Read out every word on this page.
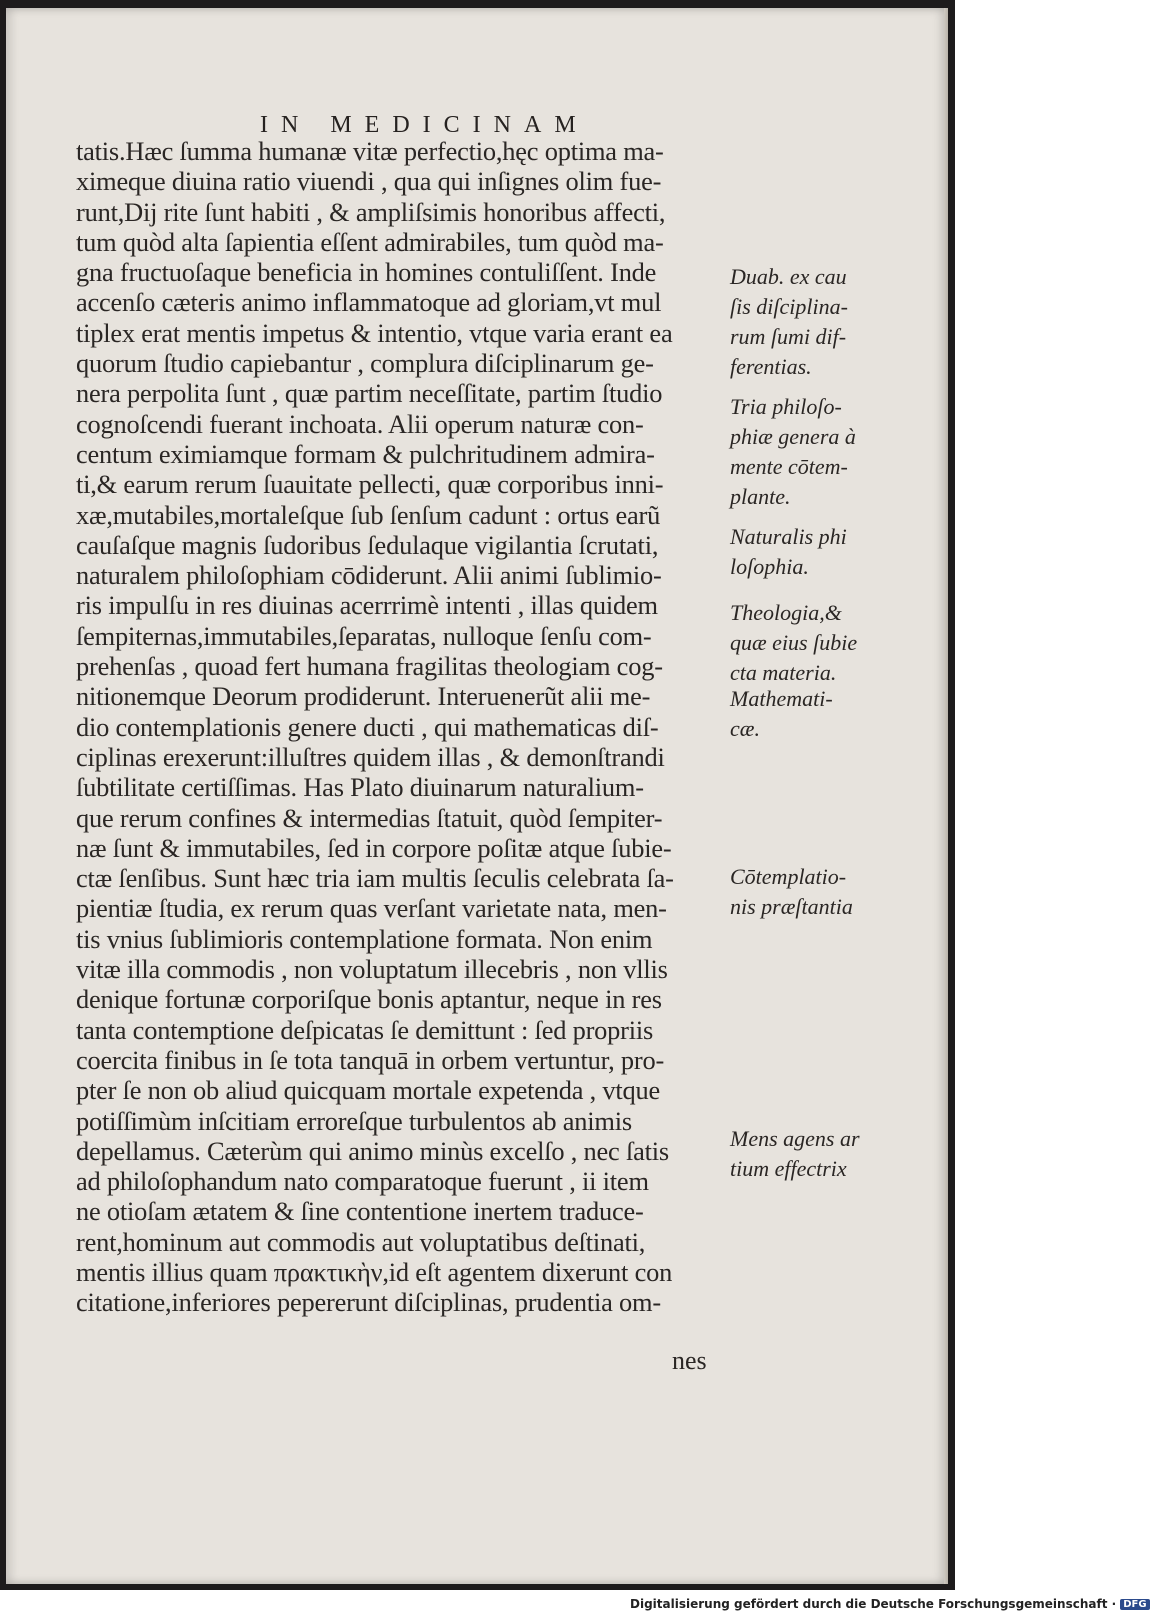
IN MEDICINAM
tatis.Hæc ſumma humanæ vitæ perfectio,hęc optima ma-
ximeque diuina ratio viuendi , qua qui inſignes olim fue-
runt,Dij rite ſunt habiti , & ampliſsimis honoribus affecti,
tum quòd alta ſapientia eſſent admirabiles, tum quòd ma-
gna fructuoſaque beneficia in homines contuliſſent. Inde
accenſo cæteris animo inflammatoque ad gloriam,vt mul
tiplex erat mentis impetus & intentio, vtque varia erant ea
quorum ſtudio capiebantur , complura diſciplinarum ge-
nera perpolita ſunt , quæ partim neceſſitate, partim ſtudio
cognoſcendi fuerant inchoata. Alii operum naturæ con-
centum eximiamque formam & pulchritudinem admira-
ti,& earum rerum ſuauitate pellecti, quæ corporibus inni-
xæ,mutabiles,mortaleſque ſub ſenſum cadunt : ortus earũ
cauſaſque magnis ſudoribus ſedulaque vigilantia ſcrutati,
naturalem philoſophiam cōdiderunt. Alii animi ſublimio-
ris impulſu in res diuinas acerrrimè intenti , illas quidem
ſempiternas,immutabiles,ſeparatas, nulloque ſenſu com-
prehenſas , quoad fert humana fragilitas theologiam cog-
nitionemque Deorum prodiderunt. Interuenerũt alii me-
dio contemplationis genere ducti , qui mathematicas diſ-
ciplinas erexerunt:illuſtres quidem illas , & demonſtrandi
ſubtilitate certiſſimas. Has Plato diuinarum naturalium-
que rerum confines & intermedias ſtatuit, quòd ſempiter-
næ ſunt & immutabiles, ſed in corpore poſitæ atque ſubie-
ctæ ſenſibus. Sunt hæc tria iam multis ſeculis celebrata ſa-
pientiæ ſtudia, ex rerum quas verſant varietate nata, men-
tis vnius ſublimioris contemplatione formata. Non enim
vitæ illa commodis , non voluptatum illecebris , non vllis
denique fortunæ corporiſque bonis aptantur, neque in res
tanta contemptione deſpicatas ſe demittunt : ſed propriis
coercita finibus in ſe tota tanquā in orbem vertuntur, pro-
pter ſe non ob aliud quicquam mortale expetenda , vtque
potiſſimùm inſcitiam erroreſque turbulentos ab animis
depellamus. Cæterùm qui animo minùs excelſo , nec ſatis
ad philoſophandum nato comparatoque fuerunt , ii item
ne otioſam ætatem & ſine contentione inertem traduce-
rent,hominum aut commodis aut voluptatibus deſtinati,
mentis illius quam πρακτικὴν,id eſt agentem dixerunt con
citatione,inferiores pepererunt diſciplinas, prudentia om-
nes
Duab. ex cau
ſis diſciplina-
rum ſumi dif-
ferentias.
Tria philoſo-
phiæ genera à
mente cōtem-
plante.
Naturalis phi
loſophia.
Theologia,&
quæ eius ſubie
cta materia.
Mathemati-
cæ.
Cōtemplatio-
nis præſtantia
Mens agens ar
tium effectrix
Digitalisierung gefördert durch die Deutsche Forschungsgemeinschaft · DFG
